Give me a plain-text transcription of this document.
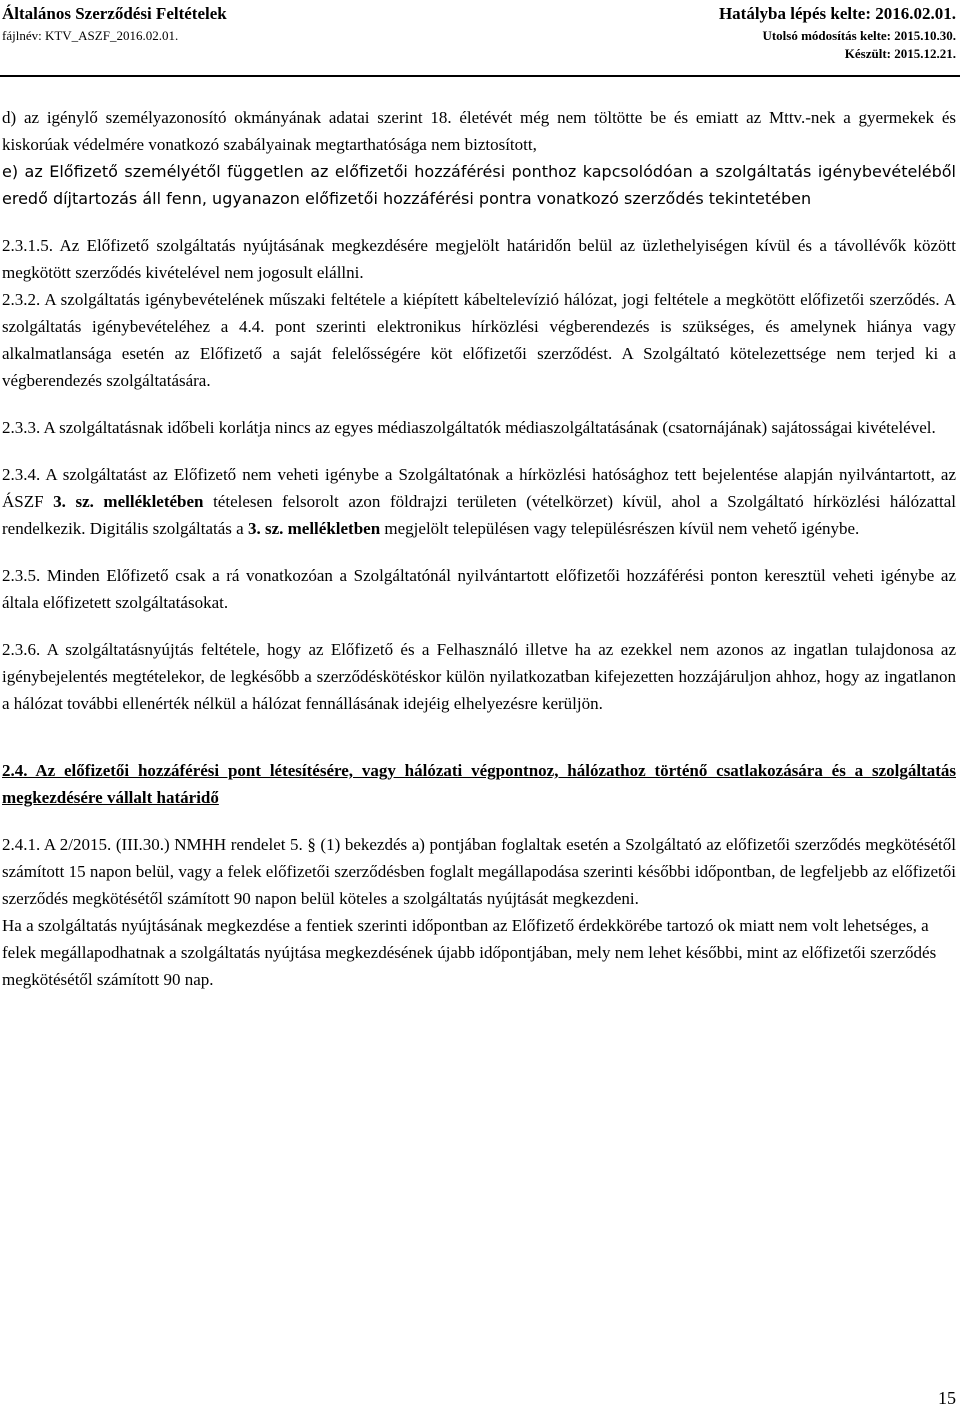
Általános Szerződési Feltételek
fájlnév: KTV_ASZF_2016.02.01.
Hatályba lépés kelte: 2016.02.01.
Utolsó módosítás kelte: 2015.10.30.
Készült: 2015.12.21.

d) az igénylő személyazonosító okmányának adatai szerint 18. életévét még nem töltötte be és emiatt az Mttv.-nek a gyermekek és kiskorúak védelmére vonatkozó szabályainak megtarthatósága nem biztosított,

e) az Előfizető személyétől független az előfizetői hozzáférési ponthoz kapcsolódóan a szolgáltatás igénybevételéből eredő díjtartozás áll fenn, ugyanazon előfizetői hozzáférési pontra vonatkozó szerződés tekintetében

2.3.1.5. Az Előfizető szolgáltatás nyújtásának megkezdésére megjelölt határidőn belül az üzlethelyiségen kívül és a távollévők között megkötött szerződés kivételével nem jogosult elállni.

2.3.2. A szolgáltatás igénybevételének műszaki feltétele a kiépített kábeltelevízió hálózat, jogi feltétele a megkötött előfizetői szerződés. A szolgáltatás igénybevételéhez a 4.4. pont szerinti elektronikus hírközlési végberendezés is szükséges, és amelynek hiánya vagy alkalmatlansága esetén az Előfizető a saját felelősségére köt előfizetői szerződést. A Szolgáltató kötelezettsége nem terjed ki a végberendezés szolgáltatására.

2.3.3. A szolgáltatásnak időbeli korlátja nincs az egyes médiaszolgáltatók médiaszolgáltatásának (csatornájának) sajátosságai kivételével.

2.3.4. A szolgáltatást az Előfizető nem veheti igénybe a Szolgáltatónak a hírközlési hatósághoz tett bejelentése alapján nyilvántartott, az ÁSZF 3. sz. mellékletében tételesen felsorolt azon földrajzi területen (vételkörzet) kívül, ahol a Szolgáltató hírközlési hálózattal rendelkezik. Digitális szolgáltatás a 3. sz. mellékletben megjelölt településen vagy településrészen kívül nem vehető igénybe.

2.3.5. Minden Előfizető csak a rá vonatkozóan a Szolgáltatónál nyilvántartott előfizetői hozzáférési ponton keresztül veheti igénybe az általa előfizetett szolgáltatásokat.

2.3.6. A szolgáltatásnyújtás feltétele, hogy az Előfizető és a Felhasználó illetve ha az ezekkel nem azonos az ingatlan tulajdonosa az igénybejelentés megtételekor, de legkésőbb a szerződéskötéskor külön nyilatkozatban kifejezetten hozzájáruljon ahhoz, hogy az ingatlanon a hálózat további ellenérték nélkül a hálózat fennállásának idejéig elhelyezésre kerüljön.

2.4. Az előfizetői hozzáférési pont létesítésére, vagy hálózati végpontnoz, hálózathoz történő csatlakozására és a szolgáltatás megkezdésére vállalt határidő

2.4.1. A 2/2015. (III.30.) NMHH rendelet 5. § (1) bekezdés a) pontjában foglaltak esetén a Szolgáltató az előfizetői szerződés megkötésétől számított 15 napon belül, vagy a felek előfizetői szerződésben foglalt megállapodása szerinti későbbi időpontban, de legfeljebb az előfizetői szerződés megkötésétől számított 90 napon belül köteles a szolgáltatás nyújtását megkezdeni.

Ha a szolgáltatás nyújtásának megkezdése a fentiek szerinti időpontban az Előfizető érdekkörébe tartozó ok miatt nem volt lehetséges, a felek megállapodhatnak a szolgáltatás nyújtása megkezdésének újabb időpontjában, mely nem lehet későbbi, mint az előfizetői szerződés megkötésétől számított 90 nap.

15
